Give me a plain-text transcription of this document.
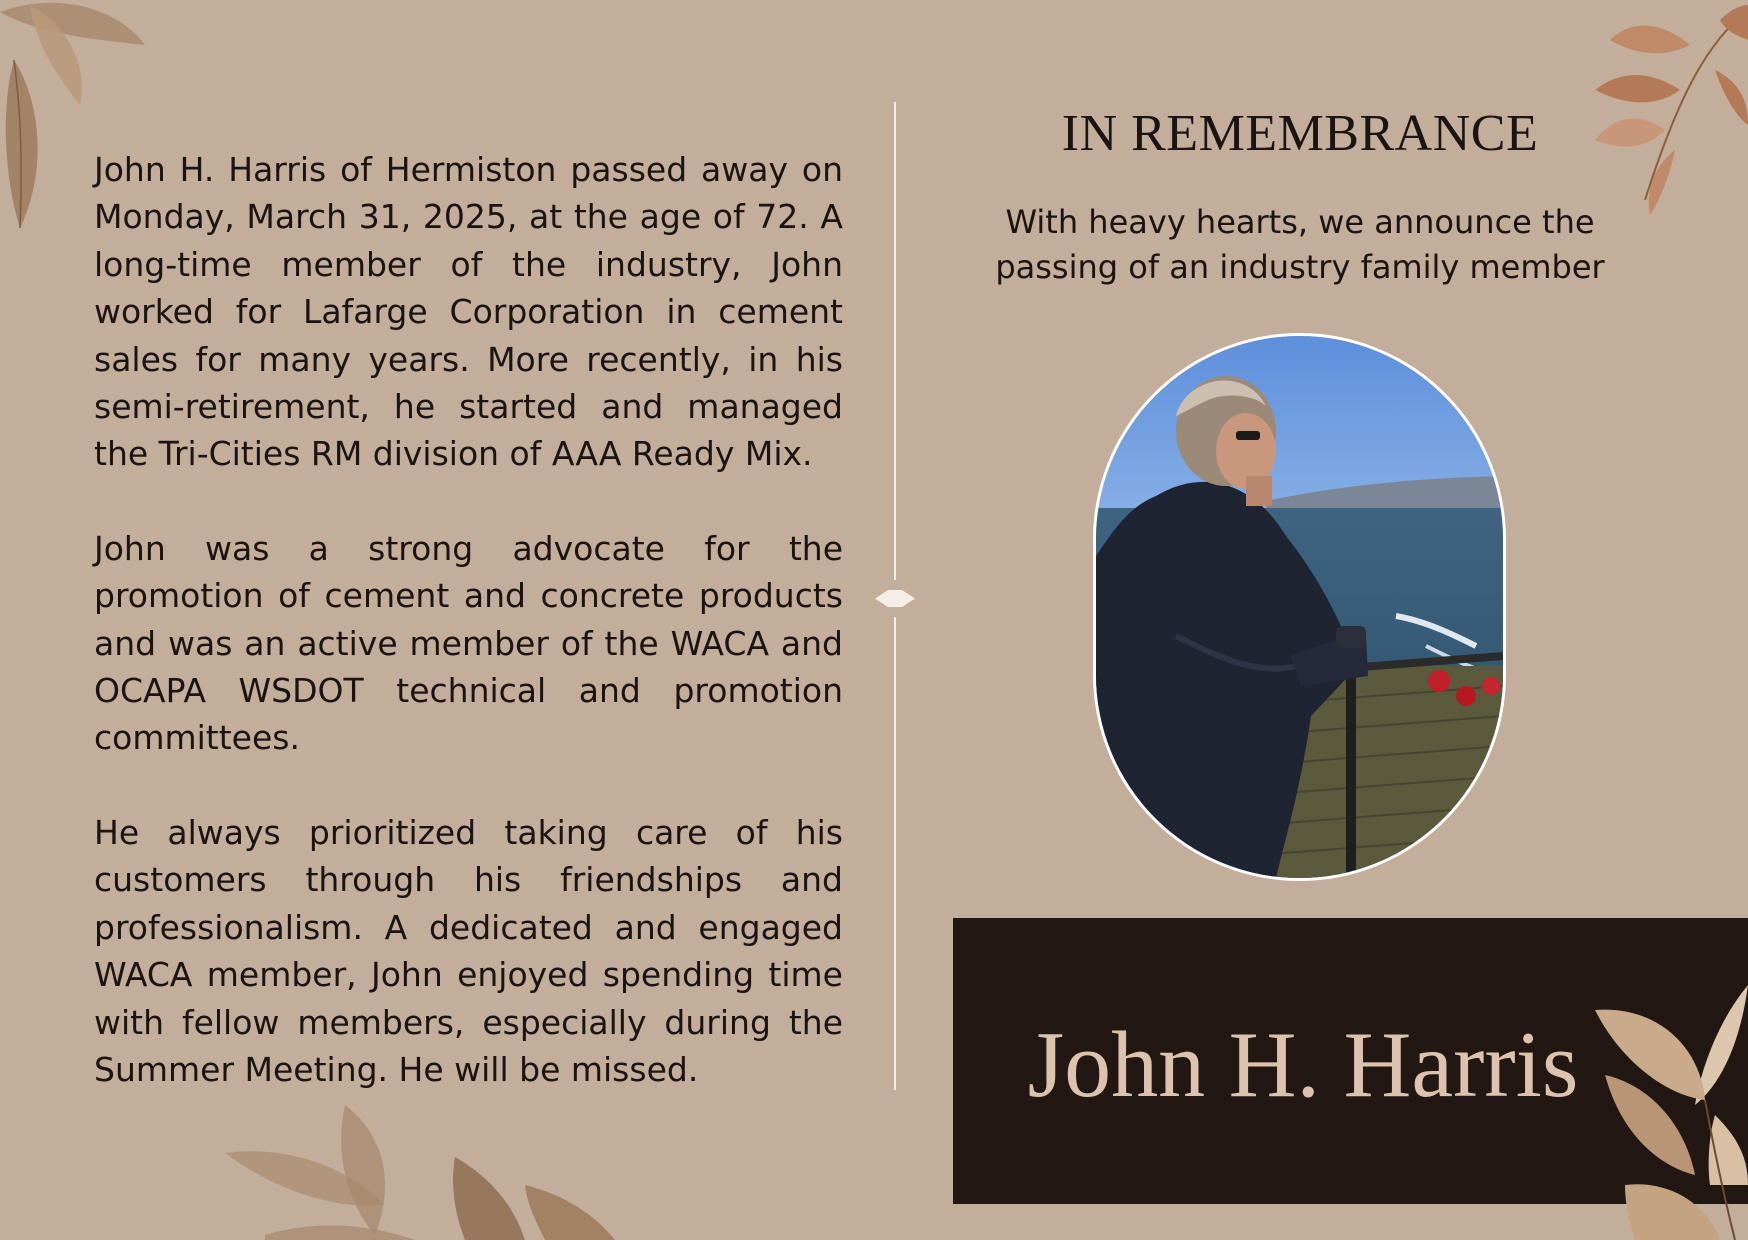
John H. Harris of Hermiston passed away on Monday, March 31, 2025, at the age of 72. A long-time member of the industry, John worked for Lafarge Corporation in cement sales for many years. More recently, in his semi-retirement, he started and managed the Tri-Cities RM division of AAA Ready Mix.

John was a strong advocate for the promotion of cement and concrete products and was an active member of the WACA and OCAPA WSDOT technical and promotion committees.

He always prioritized taking care of his customers through his friendships and professionalism. A dedicated and engaged WACA member, John enjoyed spending time with fellow members, especially during the Summer Meeting. He will be missed.

IN REMEMBRANCE

With heavy hearts, we announce the passing of an industry family member

John H. Harris
